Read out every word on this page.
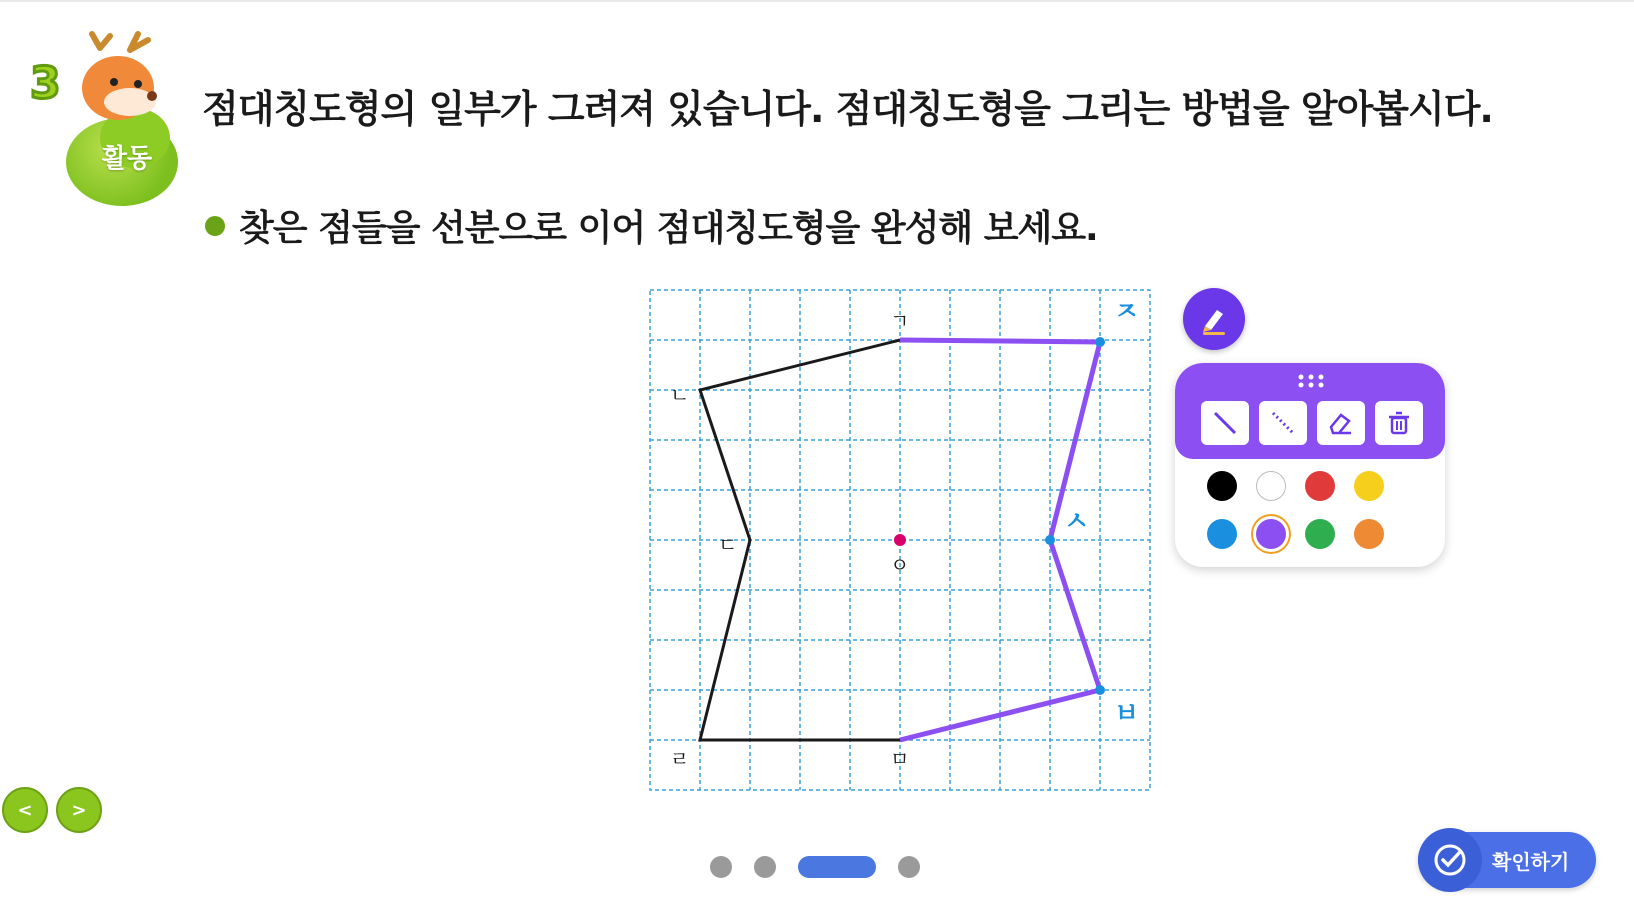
3
활동
점대칭도형의 일부가 그려져 있습니다. 점대칭도형을 그리는 방법을 알아봅시다.
찾은 점들을 선분으로 이어 점대칭도형을 완성해 보세요.
ㄱ
ㄴ
ㄷ
ㄹ	ㅁ
ㅇ
ㅈ
ㅅ
ㅂ
<	>
확인하기
